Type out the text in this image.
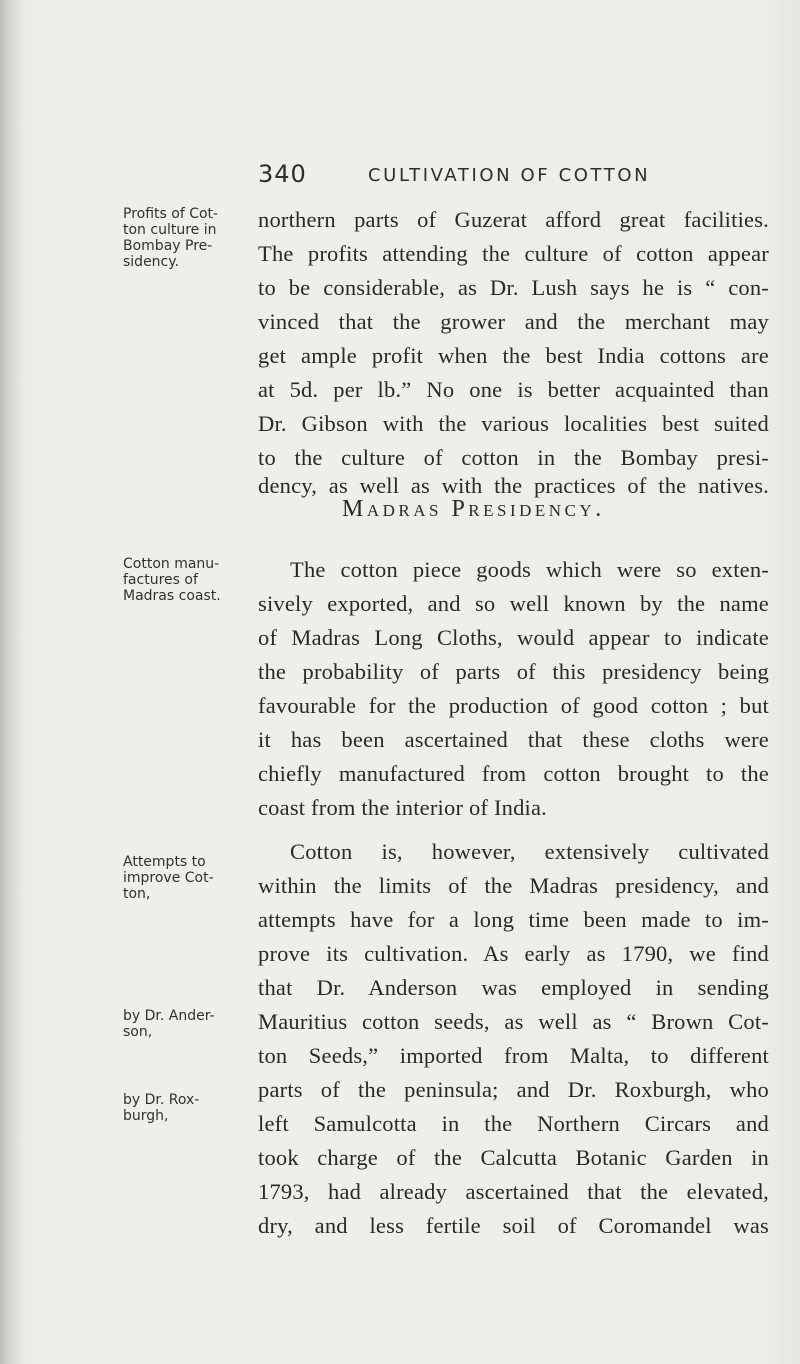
340	CULTIVATION OF COTTON
Profits of Cot-
ton culture in
Bombay Pre-
sidency.
Cotton manu-
factures of
Madras coast.
Attempts to
improve Cot-
ton,
by Dr. Ander-
son,
by Dr. Rox-
burgh,
Madras Presidency.
northern parts of Guzerat afford great facilities.
The profits attending the culture of cotton appear
to be considerable, as Dr. Lush says he is “ con-
vinced that the grower and the merchant may
get ample profit when the best India cottons are
at 5d. per lb.” No one is better acquainted than
Dr. Gibson with the various localities best suited
to the culture of cotton in the Bombay presi-
dency, as well as with the practices of the natives.
The cotton piece goods which were so exten-
sively exported, and so well known by the name
of Madras Long Cloths, would appear to indicate
the probability of parts of this presidency being
favourable for the production of good cotton ; but
it has been ascertained that these cloths were
chiefly manufactured from cotton brought to the
coast from the interior of India.
Cotton is, however, extensively cultivated
within the limits of the Madras presidency, and
attempts have for a long time been made to im-
prove its cultivation. As early as 1790, we find
that Dr. Anderson was employed in sending
Mauritius cotton seeds, as well as “ Brown Cot-
ton Seeds,” imported from Malta, to different
parts of the peninsula; and Dr. Roxburgh, who
left Samulcotta in the Northern Circars and
took charge of the Calcutta Botanic Garden in
1793, had already ascertained that the elevated,
dry, and less fertile soil of Coromandel was
